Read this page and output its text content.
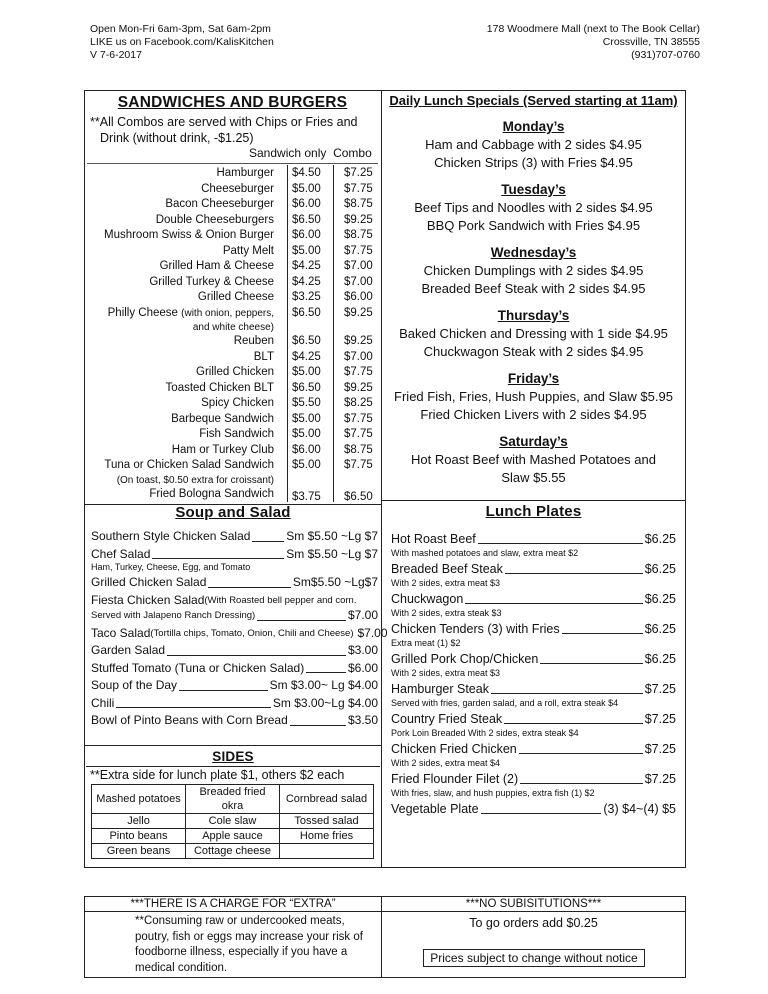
Open Mon-Fri 6am-3pm, Sat 6am-2pm
LIKE us on Facebook.com/KalisKitchen
V 7-6-2017
178 Woodmere Mall (next to The Book Cellar)
Crossville, TN 38555
(931)707-0760
SANDWICHES AND BURGERS
**All Combos are served with Chips or Fries and
Drink (without drink, -$1.25)
Sandwich only Combo
Hamburger	$4.50	$7.25

Cheeseburger	$5.00	$7.75

Bacon Cheeseburger	$6.00	$8.75

Double Cheeseburgers	$6.50	$9.25

Mushroom Swiss & Onion Burger	$6.00	$8.75

Patty Melt	$5.00	$7.75

Grilled Ham & Cheese	$4.25	$7.00

Grilled Turkey & Cheese	$4.25	$7.00

Grilled Cheese	$3.25	$6.00

Philly Cheese (with onion, peppers,
and white cheese)	$6.50	$9.25

Reuben	$6.50	$9.25

BLT	$4.25	$7.00

Grilled Chicken	$5.00	$7.75

Toasted Chicken BLT	$6.50	$9.25

Spicy Chicken	$5.50	$8.25

Barbeque Sandwich	$5.00	$7.75

Fish Sandwich	$5.00	$7.75

Ham or Turkey Club	$6.00	$8.75

Tuna or Chicken Salad Sandwich
(On toast, $0.50 extra for croissant)	$5.00	$7.75

Fried Bologna Sandwich	$3.75	$6.50
Daily Lunch Specials (Served starting at 11am)
Monday’s
Ham and Cabbage with 2 sides $4.95
Chicken Strips (3) with Fries $4.95
Tuesday’s
Beef Tips and Noodles with 2 sides $4.95
BBQ Pork Sandwich with Fries $4.95
Wednesday’s
Chicken Dumplings with 2 sides $4.95
Breaded Beef Steak with 2 sides $4.95
Thursday’s
Baked Chicken and Dressing with 1 side $4.95
Chuckwagon Steak with 2 sides $4.95
Friday’s
Fried Fish, Fries, Hush Puppies, and Slaw $5.95
Fried Chicken Livers with 2 sides $4.95
Saturday’s
Hot Roast Beef with Mashed Potatoes and
Slaw $5.55
Soup and Salad
Southern Style Chicken Salad	Sm $5.50 ~Lg $7
Chef Salad	Sm $5.50 ~Lg $7
Ham, Turkey, Cheese, Egg, and Tomato
Grilled Chicken Salad	Sm$5.50 ~Lg$7
Fiesta Chicken Salad (With Roasted bell pepper and corn.
Served with Jalapeno Ranch Dressing)	$7.00
Taco Salad (Tortilla chips, Tomato, Onion, Chili and Cheese) $7.00
Garden Salad	$3.00
Stuffed Tomato (Tuna or Chicken Salad)	$6.00
Soup of the Day	Sm $3.00~ Lg $4.00
Chili	Sm $3.00~Lg $4.00
Bowl of Pinto Beans with Corn Bread	$3.50
SIDES
**Extra side for lunch plate $1, others $2 each
Mashed potatoes	Breaded fried okra	Cornbread salad
Jello	Cole slaw	Tossed salad
Pinto beans	Apple sauce	Home fries
Green beans	Cottage cheese	
Lunch Plates
Hot Roast Beef	$6.25
With mashed potatoes and slaw, extra meat $2
Breaded Beef Steak	$6.25
With 2 sides, extra meat $3
Chuckwagon	$6.25
With 2 sides, extra steak $3
Chicken Tenders (3) with Fries	$6.25
Extra meat (1) $2
Grilled Pork Chop/Chicken	$6.25
With 2 sides, extra meat $3
Hamburger Steak	$7.25
Served with fries, garden salad, and a roll, extra steak $4
Country Fried Steak	$7.25
Pork Loin Breaded With 2 sides, extra steak $4
Chicken Fried Chicken	$7.25
With 2 sides, extra meat $4
Fried Flounder Filet (2)	$7.25
With fries, slaw, and hush puppies, extra fish (1) $2
Vegetable Plate	(3) $4~(4) $5
***THERE IS A CHARGE FOR “EXTRA”
**Consuming raw or undercooked meats,
poutry, fish or eggs may increase your risk of
foodborne illness, especially if you have a
medical condition.
***NO SUBISITUTIONS***
To go orders add $0.25
Prices subject to change without notice
